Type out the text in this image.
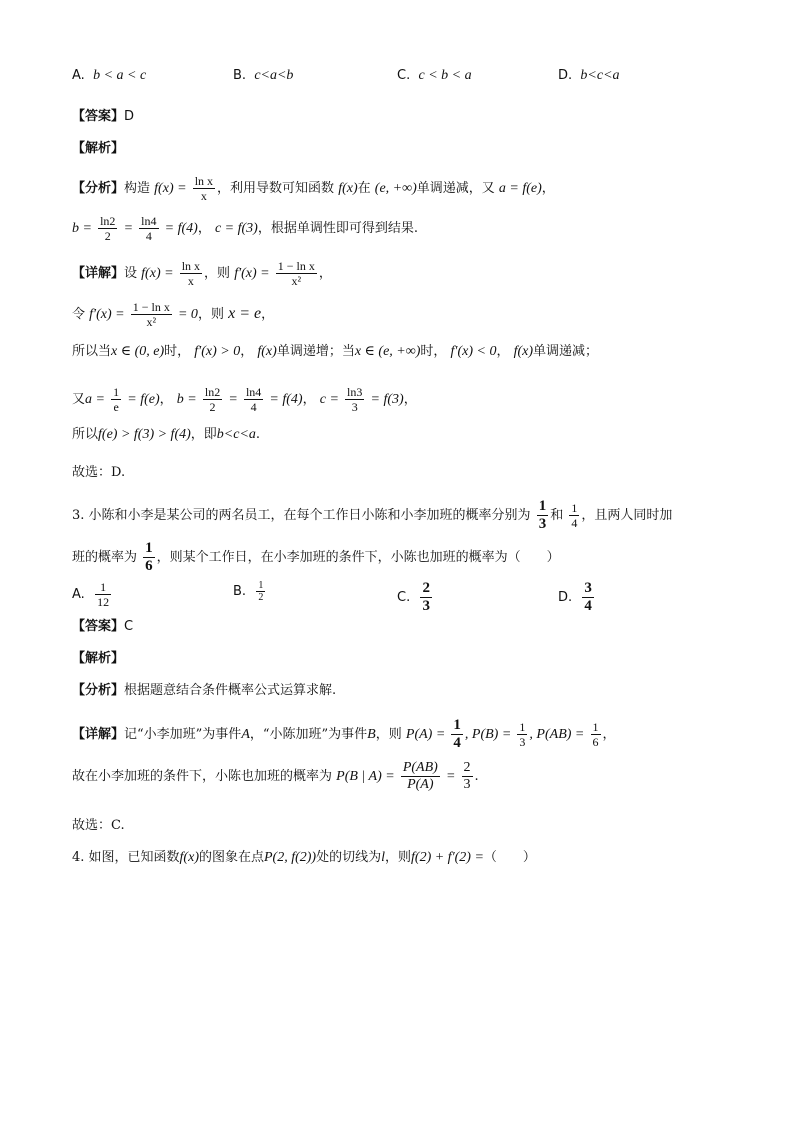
A. b < a < c	B. c<a<b	C. c < b < a	D. b<c<a
【答案】D
【解析】
【分析】构造 $f(x) = \frac{\text{ln x}}{x}$ ，利用导数可知函数 f(x)在 (e, +∞)单调递减，又 a = f(e)，
$b = \frac{\ln 2}{2} = \frac{\ln 4}{4} = f(4)$， c = f(3)，根据单调性即可得到结果.
【详解】设 $f(x) = \frac{\text{ln x}}{x}$ ，则 $f'(x) = \frac{\text{1 − ln x}}{\text{x²}}$ ，
令 $f'(x) = \frac{\text{1 − ln x}}{\text{x²}} = 0$，则 x = e，
所以当x ∈ (0, e)时， f′(x) > 0， f(x)单调递增；当x ∈ (e, +∞)时， f′(x) < 0， f(x)单调递减；
又$a = \frac{1}{e} = f(e)$， $b = \frac{\ln 2}{2} = \frac{\ln 4}{4} = f(4)$， $c = \frac{\ln 3}{3} = f(3)$，
所以f(e) > f(3) > f(4)，即b<c<a.
故选：D.
3. 小陈和小李是某公司的两名员工，在每个工作日小陈和小李加班的概率分别为 $\frac{1}{3}$ 和 $\frac{1}{4}$ ，且两人同时加
班的概率为 $\frac{1}{6}$ ，则某个工作日，在小李加班的条件下，小陈也加班的概率为（　　）
A. $\frac{1}{12}$	B. $\frac{1}{2}$	C. $\frac{2}{3}$	D. $\frac{3}{4}$
【答案】C
【解析】
【分析】根据题意结合条件概率公式运算求解.
【详解】记“小李加班”为事件A，“小陈加班”为事件B，则 $P(A) = \frac{1}{4}$ , $P(B) = \frac{1}{3}$ , $P(AB) = \frac{1}{6}$ ，
故在小李加班的条件下，小陈也加班的概率为 P(B | $A) = \frac{P(AB)}{P(A)} = \frac{2}{3}$ .
故选：C.
4. 如图，已知函数f(x)的图象在点P(2, f(2))处的切线为l，则f(2) + f′(2) =（　　）
